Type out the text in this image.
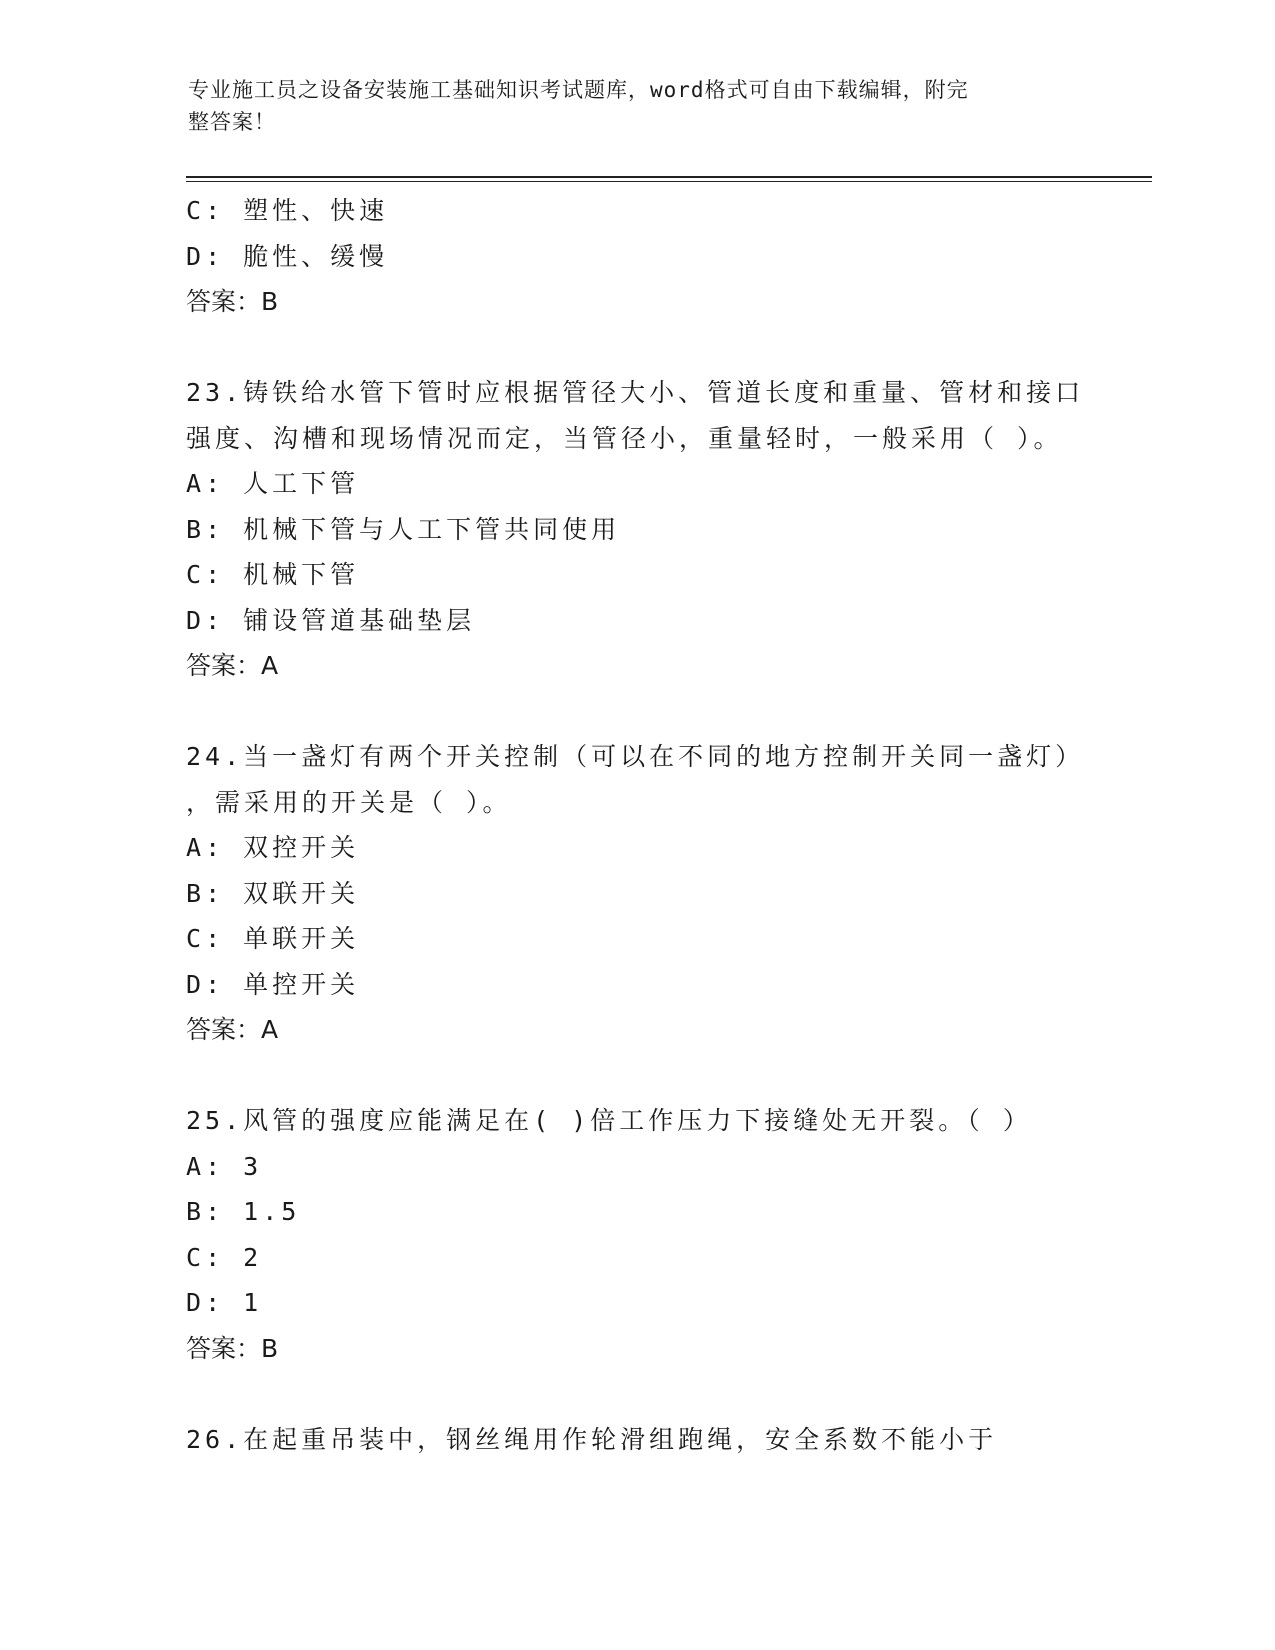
专业施工员之设备安装施工基础知识考试题库，word格式可自由下载编辑，附完
整答案！
C: 塑性、快速
D: 脆性、缓慢
答案：B
23.铸铁给水管下管时应根据管径大小、管道长度和重量、管材和接口
强度、沟槽和现场情况而定，当管径小，重量轻时，一般采用（ ）。
A: 人工下管
B: 机械下管与人工下管共同使用
C: 机械下管
D: 铺设管道基础垫层
答案：A
24.当一盏灯有两个开关控制（可以在不同的地方控制开关同一盏灯）
，需采用的开关是（ ）。
A: 双控开关
B: 双联开关
C: 单联开关
D: 单控开关
答案：A
25.风管的强度应能满足在( )倍工作压力下接缝处无开裂。（ ）
A: 3
B: 1.5
C: 2
D: 1
答案：B
26.在起重吊装中，钢丝绳用作轮滑组跑绳，安全系数不能小于
